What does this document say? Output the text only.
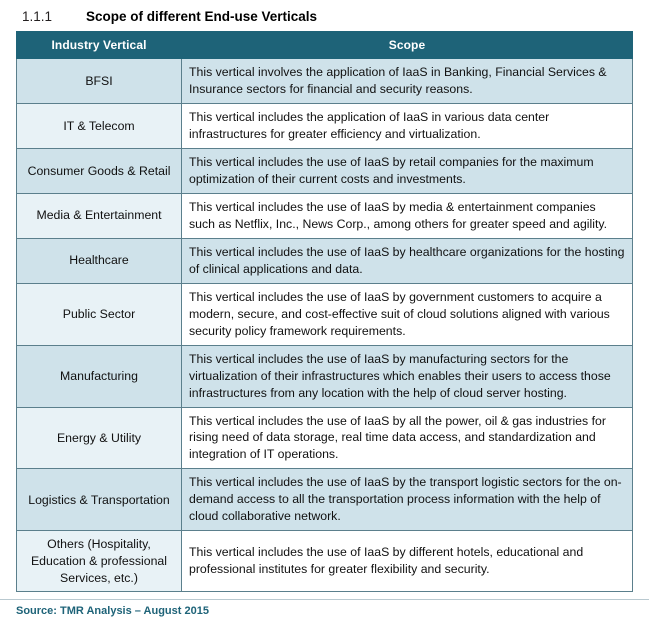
1.1.1	Scope of different End-use Verticals
Industry Vertical	Scope
BFSI	This vertical involves the application of IaaS in Banking, Financial Services & Insurance sectors for financial and security reasons.
IT & Telecom	This vertical includes the application of IaaS in various data center infrastructures for greater efficiency and virtualization.
Consumer Goods & Retail	This vertical includes the use of IaaS by retail companies for the maximum optimization of their current costs and investments.
Media & Entertainment	This vertical includes the use of IaaS by media & entertainment companies such as Netflix, Inc., News Corp., among others for greater speed and agility.
Healthcare	This vertical includes the use of IaaS by healthcare organizations for the hosting of clinical applications and data.
Public Sector	This vertical includes the use of IaaS by government customers to acquire a modern, secure, and cost-effective suit of cloud solutions aligned with various security policy framework requirements.
Manufacturing	This vertical includes the use of IaaS by manufacturing sectors for the virtualization of their infrastructures which enables their users to access those infrastructures from any location with the help of cloud server hosting.
Energy & Utility	This vertical includes the use of IaaS by all the power, oil & gas industries for rising need of data storage, real time data access, and standardization and integration of IT operations.
Logistics & Transportation	This vertical includes the use of IaaS by the transport logistic sectors for the on-demand access to all the transportation process information with the help of cloud collaborative network.
Others (Hospitality, Education & professional Services, etc.)	This vertical includes the use of IaaS by different hotels, educational and professional institutes for greater flexibility and security.
Source: TMR Analysis – August 2015
